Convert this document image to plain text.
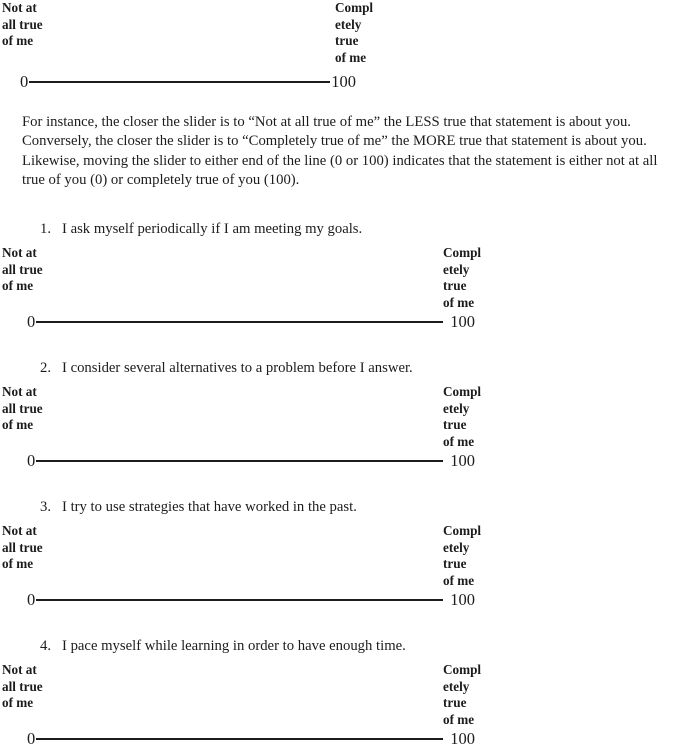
Not at
all true
of me
Compl
etely
true
of me
0	100

For instance, the closer the slider is to “Not at all true of me” the LESS true that statement is about you. Conversely, the closer the slider is to “Completely true of me” the MORE true that statement is about you. Likewise, moving the slider to either end of the line (0 or 100) indicates that the statement is either not at all true of you (0) or completely true of you (100).

1. I ask myself periodically if I am meeting my goals.
Not at
all true
of me
Compl
etely
true
of me
0	100
2. I consider several alternatives to a problem before I answer.
Not at
all true
of me
Compl
etely
true
of me
0	100
3. I try to use strategies that have worked in the past.
Not at
all true
of me
Compl
etely
true
of me
0	100
4. I pace myself while learning in order to have enough time.
Not at
all true
of me
Compl
etely
true
of me
0	100
